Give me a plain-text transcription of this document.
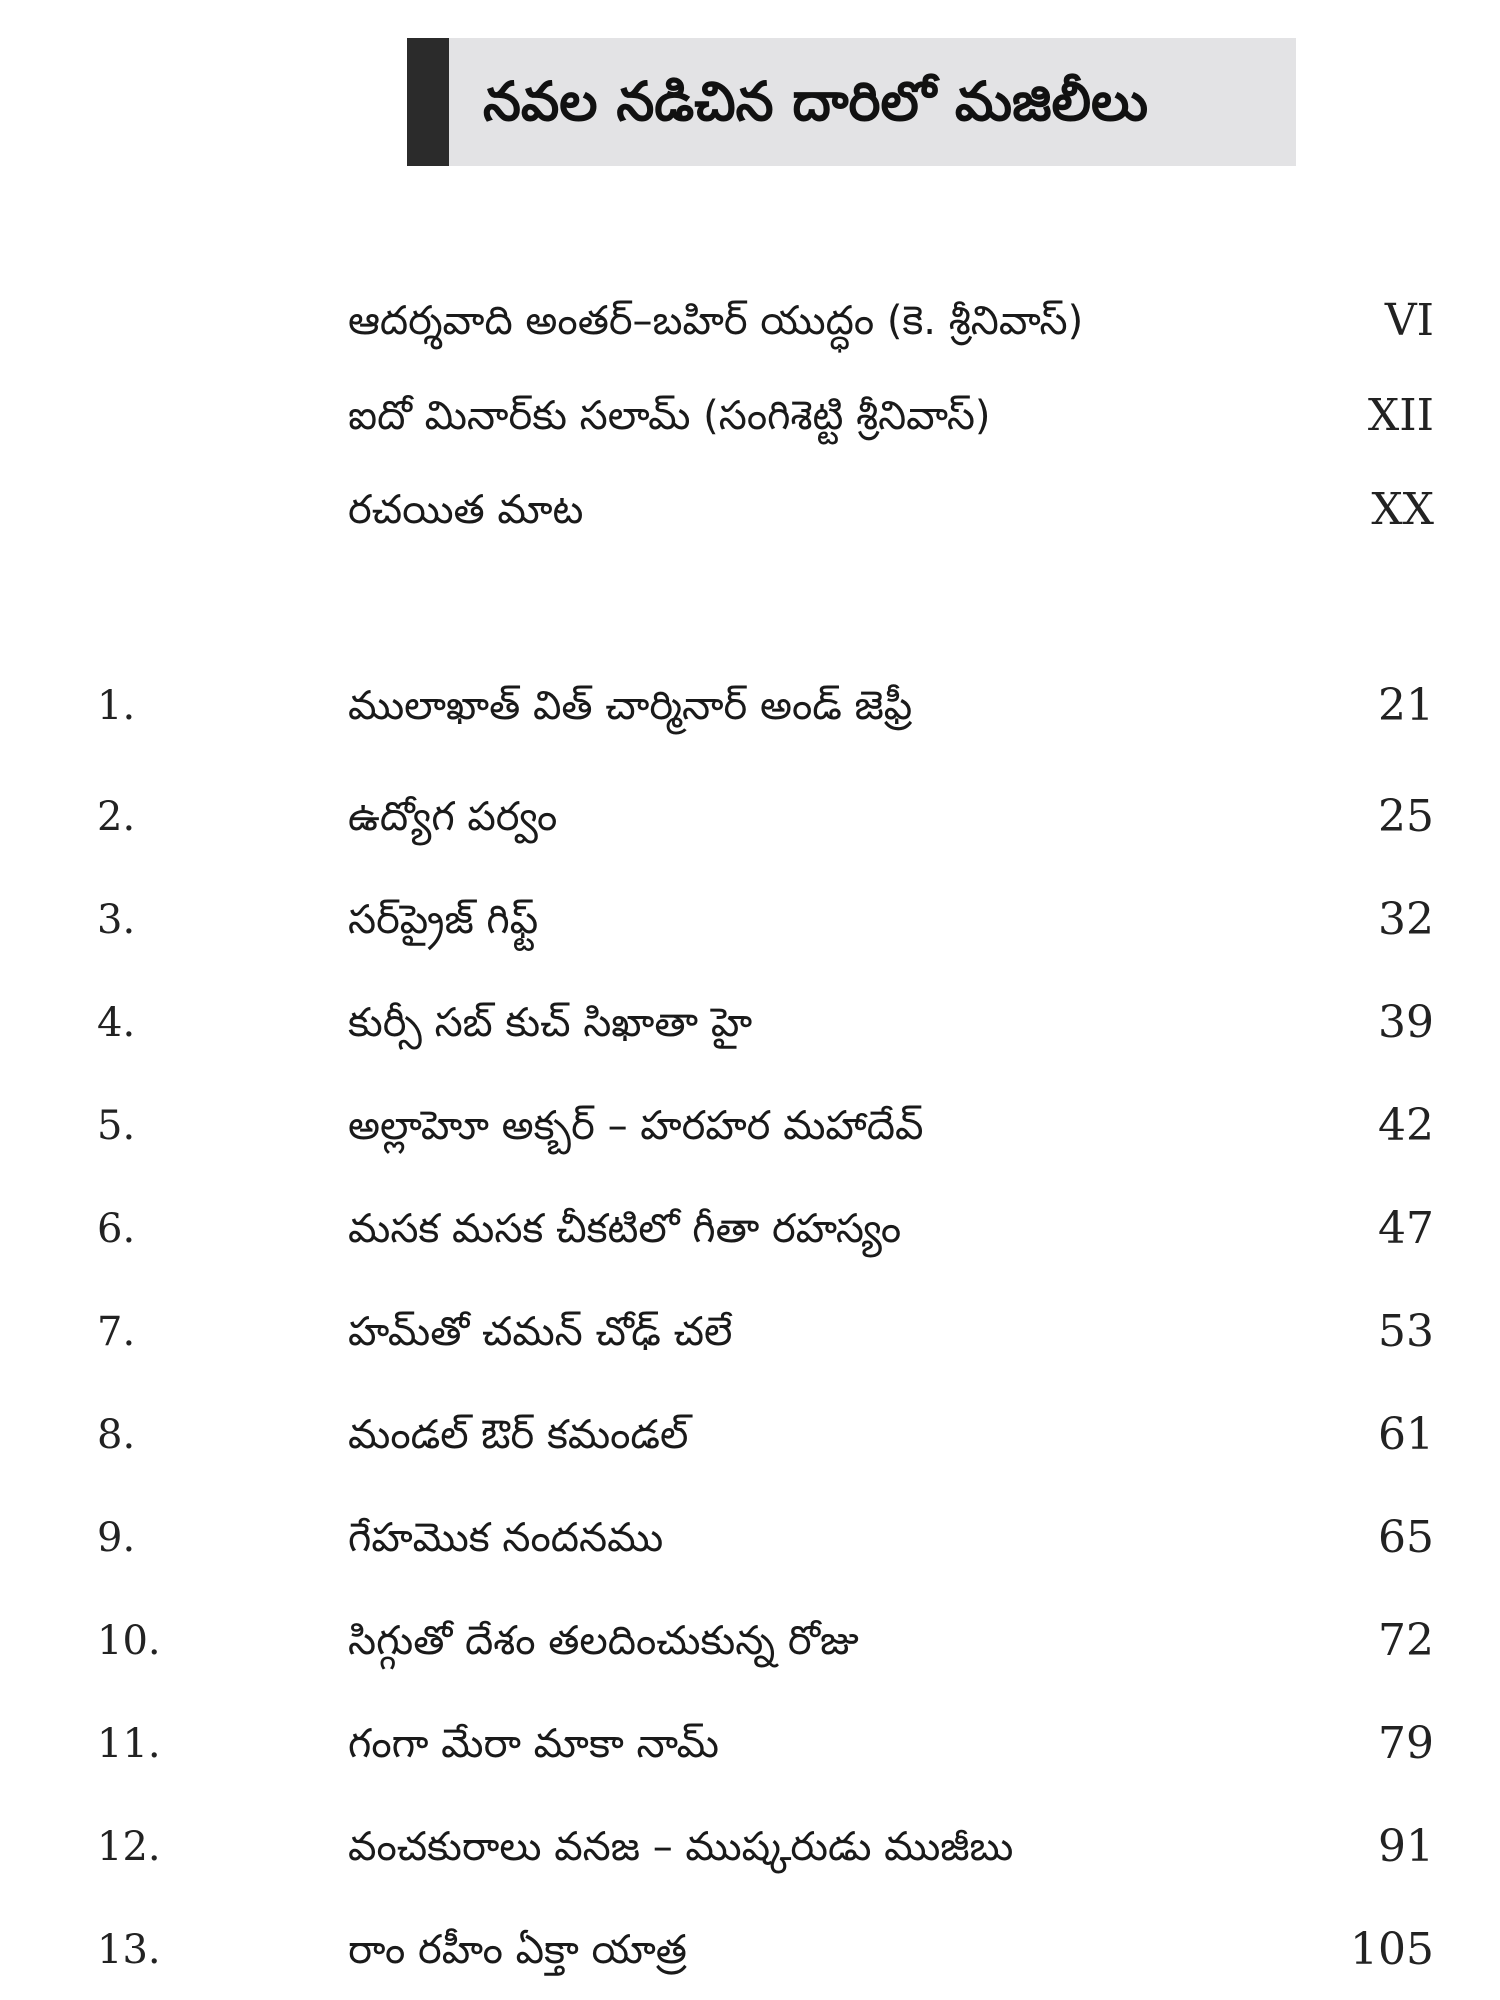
నవల నడిచిన దారిలో మజిలీలు
ఆదర్శవాది అంతర్–బహిర్ యుద్ధం (కె. శ్రీనివాస్)	VI
ఐదో మినార్‌కు సలామ్ (సంగిశెట్టి శ్రీనివాస్)	XII
రచయిత మాట	XX
1.	ములాఖాత్ విత్ చార్మినార్ అండ్ జెఫ్రీ	21
2.	ఉద్యోగ పర్వం	25
3.	సర్‌ప్రైజ్ గిఫ్ట్	32
4.	కుర్సీ సబ్ కుచ్ సిఖాతా హై	39
5.	అల్లాహెూ అక్బర్ – హరహర మహాదేవ్	42
6.	మసక మసక చీకటిలో గీతా రహస్యం	47
7.	హమ్‌తో చమన్ చోఢ్ చలే	53
8.	మండల్ ఔర్ కమండల్	61
9.	గేహమొక నందనము	65
10.	సిగ్గుతో దేశం తలదించుకున్న రోజు	72
11.	గంగా మేరా మాకా నామ్	79
12.	వంచకురాలు వనజ – ముష్కరుడు ముజీబు	91
13.	రాం రహీం ఏక్తా యాత్ర	105
